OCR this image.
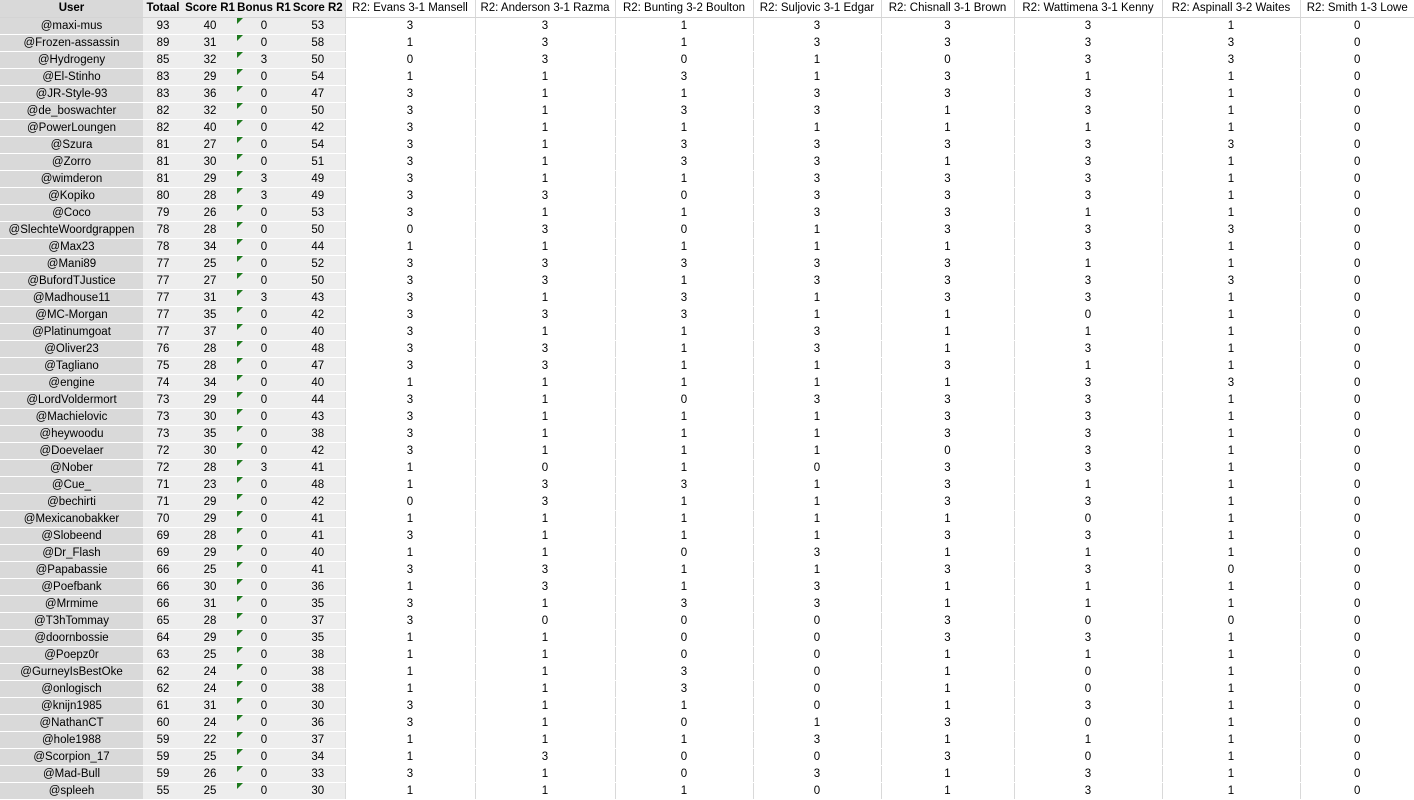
User	Totaal	Score R1	Bonus R1	Score R2	R2: Evans 3-1 Mansell	R2: Anderson 3-1 Razma	R2: Bunting 3-2 Boulton	R2: Suljovic 3-1 Edgar	R2: Chisnall 3-1 Brown	R2: Wattimena 3-1 Kenny	R2: Aspinall 3-2 Waites	R2: Smith 1-3 Lowe
@maxi-mus	93	40	0	53	3	3	1	3	3	3	1	0
@Frozen-assassin	89	31	0	58	1	3	1	3	3	3	3	0
@Hydrogeny	85	32	3	50	0	3	0	1	0	3	3	0
@El-Stinho	83	29	0	54	1	1	3	1	3	1	1	0
@JR-Style-93	83	36	0	47	3	1	1	3	3	3	1	0
@de_boswachter	82	32	0	50	3	1	3	3	1	3	1	0
@PowerLoungen	82	40	0	42	3	1	1	1	1	1	1	0
@Szura	81	27	0	54	3	1	3	3	3	3	3	0
@Zorro	81	30	0	51	3	1	3	3	1	3	1	0
@wimderon	81	29	3	49	3	1	1	3	3	3	1	0
@Kopiko	80	28	3	49	3	3	0	3	3	3	1	0
@Coco	79	26	0	53	3	1	1	3	3	1	1	0
@SlechteWoordgrappen	78	28	0	50	0	3	0	1	3	3	3	0
@Max23	78	34	0	44	1	1	1	1	1	3	1	0
@Mani89	77	25	0	52	3	3	3	3	3	1	1	0
@BufordTJustice	77	27	0	50	3	3	1	3	3	3	3	0
@Madhouse11	77	31	3	43	3	1	3	1	3	3	1	0
@MC-Morgan	77	35	0	42	3	3	3	1	1	0	1	0
@Platinumgoat	77	37	0	40	3	1	1	3	1	1	1	0
@Oliver23	76	28	0	48	3	3	1	3	1	3	1	0
@Tagliano	75	28	0	47	3	3	1	1	3	1	1	0
@engine	74	34	0	40	1	1	1	1	1	3	3	0
@LordVoldermort	73	29	0	44	3	1	0	3	3	3	1	0
@Machielovic	73	30	0	43	3	1	1	1	3	3	1	0
@heywoodu	73	35	0	38	3	1	1	1	3	3	1	0
@Doevelaer	72	30	0	42	3	1	1	1	0	3	1	0
@Nober	72	28	3	41	1	0	1	0	3	3	1	0
@Cue_	71	23	0	48	1	3	3	1	3	1	1	0
@bechirti	71	29	0	42	0	3	1	1	3	3	1	0
@Mexicanobakker	70	29	0	41	1	1	1	1	1	0	1	0
@Slobeend	69	28	0	41	3	1	1	1	3	3	1	0
@Dr_Flash	69	29	0	40	1	1	0	3	1	1	1	0
@Papabassie	66	25	0	41	3	3	1	1	3	3	0	0
@Poefbank	66	30	0	36	1	3	1	3	1	1	1	0
@Mrmime	66	31	0	35	3	1	3	3	1	1	1	0
@T3hTommay	65	28	0	37	3	0	0	0	3	0	0	0
@doornbossie	64	29	0	35	1	1	0	0	3	3	1	0
@Poepz0r	63	25	0	38	1	1	0	0	1	1	1	0
@GurneyIsBestOke	62	24	0	38	1	1	3	0	1	0	1	0
@onlogisch	62	24	0	38	1	1	3	0	1	0	1	0
@knijn1985	61	31	0	30	3	1	1	0	1	3	1	0
@NathanCT	60	24	0	36	3	1	0	1	3	0	1	0
@hole1988	59	22	0	37	1	1	1	3	1	1	1	0
@Scorpion_17	59	25	0	34	1	3	0	0	3	0	1	0
@Mad-Bull	59	26	0	33	3	1	0	3	1	3	1	0
@spleeh	55	25	0	30	1	1	1	0	1	3	1	0
